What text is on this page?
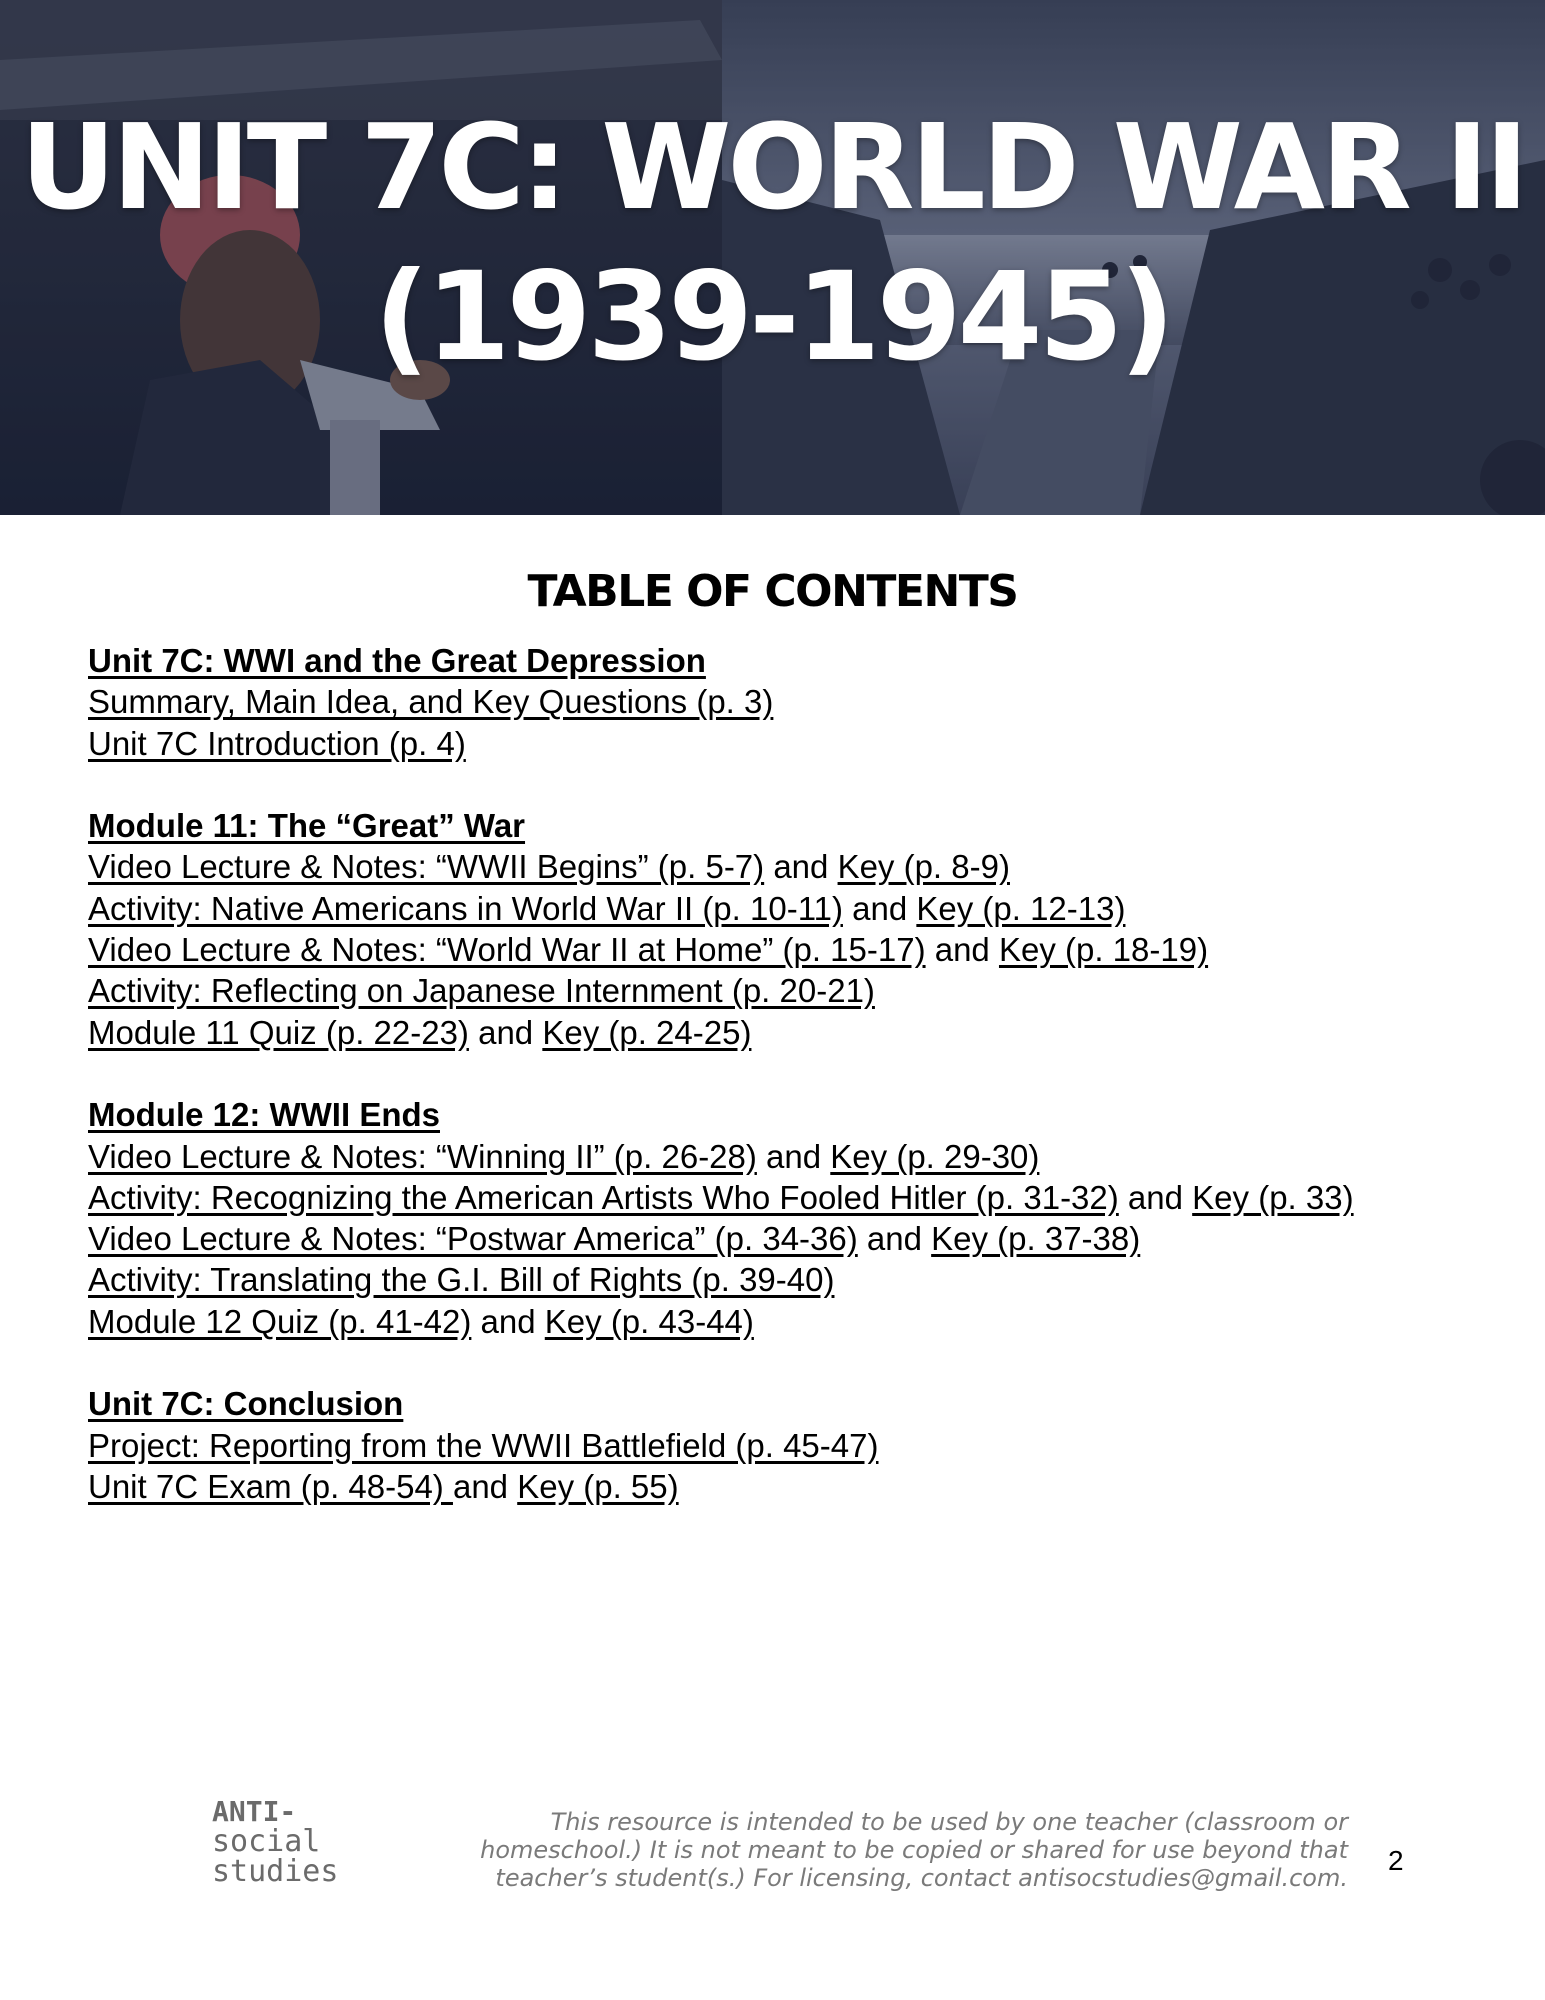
UNIT 7C: WORLD WAR II
(1939-1945)
TABLE OF CONTENTS
Unit 7C: WWI and the Great Depression
Summary, Main Idea, and Key Questions (p. 3)
Unit 7C Introduction (p. 4)
Module 11: The “Great” War
Video Lecture & Notes: “WWII Begins” (p. 5-7) and Key (p. 8-9)
Activity: Native Americans in World War II (p. 10-11) and Key (p. 12-13)
Video Lecture & Notes: “World War II at Home” (p. 15-17) and Key (p. 18-19)
Activity: Reflecting on Japanese Internment (p. 20-21)
Module 11 Quiz (p. 22-23) and Key (p. 24-25)
Module 12: WWII Ends
Video Lecture & Notes: “Winning II” (p. 26-28) and Key (p. 29-30)
Activity: Recognizing the American Artists Who Fooled Hitler (p. 31-32) and Key (p. 33)
Video Lecture & Notes: “Postwar America” (p. 34-36) and Key (p. 37-38)
Activity: Translating the G.I. Bill of Rights (p. 39-40)
Module 12 Quiz (p. 41-42) and Key (p. 43-44)
Unit 7C: Conclusion
Project: Reporting from the WWII Battlefield (p. 45-47)
Unit 7C Exam (p. 48-54) and Key (p. 55)
ANTI-
social
studies
This resource is intended to be used by one teacher (classroom or
homeschool.) It is not meant to be copied or shared for use beyond that
teacher’s student(s.) For licensing, contact antisocstudies@gmail.com.
2
